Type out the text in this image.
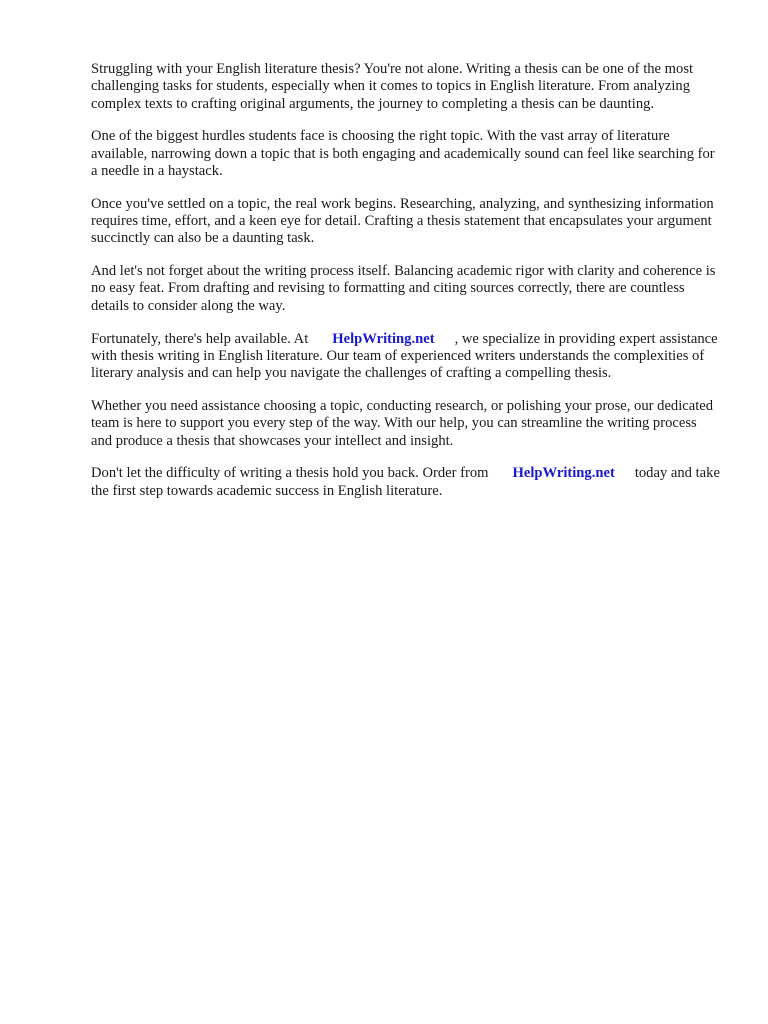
Struggling with your English literature thesis? You're not alone. Writing a thesis can be one of the most challenging tasks for students, especially when it comes to topics in English literature. From analyzing complex texts to crafting original arguments, the journey to completing a thesis can be daunting.

One of the biggest hurdles students face is choosing the right topic. With the vast array of literature available, narrowing down a topic that is both engaging and academically sound can feel like searching for a needle in a haystack.

Once you've settled on a topic, the real work begins. Researching, analyzing, and synthesizing information requires time, effort, and a keen eye for detail. Crafting a thesis statement that encapsulates your argument succinctly can also be a daunting task.

And let's not forget about the writing process itself. Balancing academic rigor with clarity and coherence is no easy feat. From drafting and revising to formatting and citing sources correctly, there are countless details to consider along the way.

Fortunately, there's help available. At HelpWriting.net , we specialize in providing expert assistance with thesis writing in English literature. Our team of experienced writers understands the complexities of literary analysis and can help you navigate the challenges of crafting a compelling thesis.

Whether you need assistance choosing a topic, conducting research, or polishing your prose, our dedicated team is here to support you every step of the way. With our help, you can streamline the writing process and produce a thesis that showcases your intellect and insight.

Don't let the difficulty of writing a thesis hold you back. Order from HelpWriting.net today and take the first step towards academic success in English literature.
